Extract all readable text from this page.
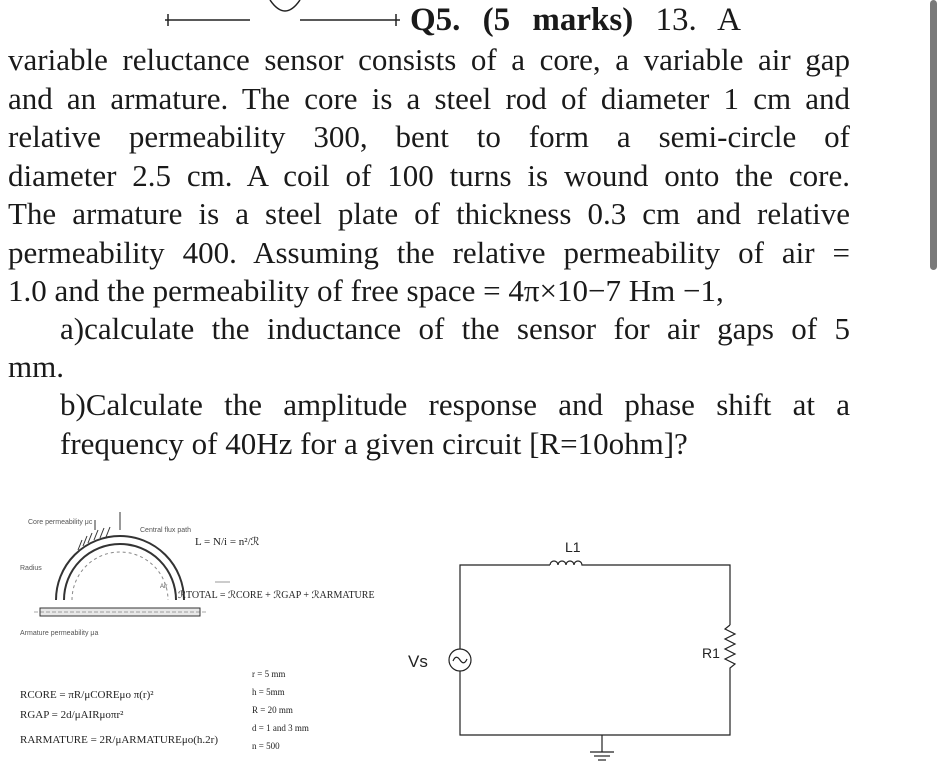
Q5. (5 marks) 13. A
variable reluctance sensor consists of a core, a variable air gap
and an armature. The core is a steel rod of diameter 1 cm and
relative permeability 300, bent to form a semi-circle of
diameter 2.5 cm. A coil of 100 turns is wound onto the core.
The armature is a steel plate of thickness 0.3 cm and relative
permeability 400. Assuming the relative permeability of air =
1.0 and the permeability of free space = 4π×10−7 Hm −1,
a)calculate the inductance of the sensor for air gaps of 5
mm.
b)Calculate the amplitude response and phase shift at a
frequency of 40Hz for a given circuit [R=10ohm]?
Core permeability μc
Radius
Central flux path
Armature permeability μa
Air
L = N/i = n²/ℛ
ℛTOTAL = ℛCORE + ℛGAP + ℛARMATURE
RCORE = πR/μCOREμo π(r)²
RGAP = 2d/μAIRμoπr²
RARMATURE = 2R/μARMATUREμo(h.2r)
r = 5 mm
h = 5mm
R = 20 mm
d = 1 and 3 mm
n = 500
Vs
L1
R1
